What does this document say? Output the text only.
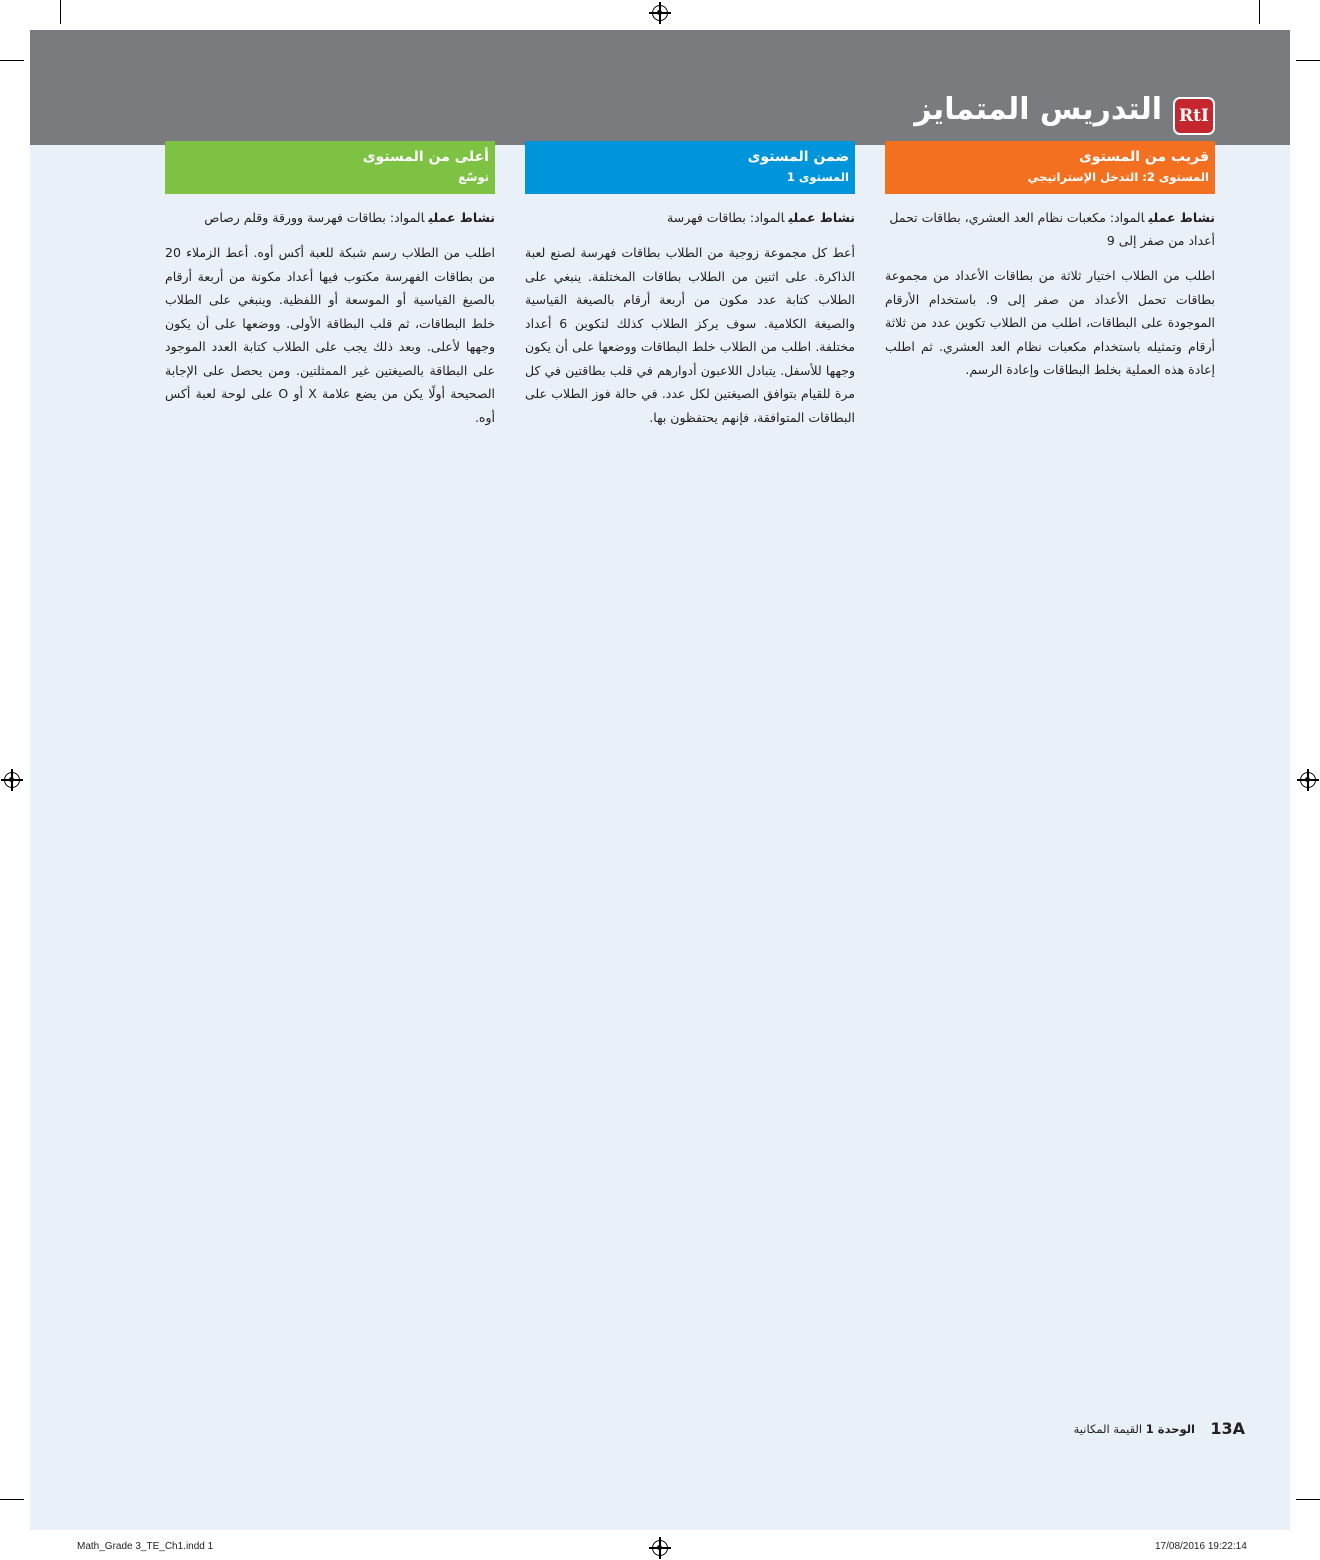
RtI
التدريس المتمايز
قريب من المستوى
المستوى 2: التدخل الإستراتيجي
نشاط عمليالمواد: مكعبات نظام العد العشري، بطاقات تحمل أعداد من صفر إلى 9
اطلب من الطلاب اختيار ثلاثة من بطاقات الأعداد من مجموعة بطاقات تحمل الأعداد من صفر إلى 9. باستخدام الأرقام الموجودة على البطاقات، اطلب من الطلاب تكوين عدد من ثلاثة أرقام وتمثيله باستخدام مكعبات نظام العد العشري. ثم اطلب إعادة هذه العملية بخلط البطاقات وإعادة الرسم.
ضمن المستوى
المستوى 1
نشاط عمليالمواد: بطاقات فهرسة
أعط كل مجموعة زوجية من الطلاب بطاقات فهرسة لصنع لعبة الذاكرة. على اثنين من الطلاب بطاقات المختلفة. ينبغي على الطلاب كتابة عدد مكون من أربعة أرقام بالصيغة القياسية والصيغة الكلامية. سوف يركز الطلاب كذلك لتكوين 6 أعداد مختلفة. اطلب من الطلاب خلط البطاقات ووضعها على أن يكون وجهها للأسفل. يتبادل اللاعبون أدوارهم في قلب بطاقتين في كل مرة للقيام بتوافق الصيغتين لكل عدد. في حالة فوز الطلاب على البطاقات المتوافقة، فإنهم يحتفظون بها.
أعلى من المستوى
توسّع
نشاط عمليالمواد: بطاقات فهرسة وورقة وقلم رصاص
اطلب من الطلاب رسم شبكة للعبة أكس أوه. أعط الزملاء 20 من بطاقات الفهرسة مكتوب فيها أعداد مكونة من أربعة أرقام بالصيغ القياسية أو الموسعة أو اللفظية. وينبغي على الطلاب خلط البطاقات، ثم قلب البطاقة الأولى. ووضعها على أن يكون وجهها لأعلى. وبعد ذلك يجب على الطلاب كتابة العدد الموجود على البطاقة بالصيغتين غير الممثلتين. ومن يحصل على الإجابة الصحيحة أولًا يكن من يضع علامة X أو O على لوحة لعبة أكس أوه.
13A
الوحدة 1 القيمة المكانية
Math_Grade 3_TE_Ch1.indd 1	17/08/2016 19:22:14
